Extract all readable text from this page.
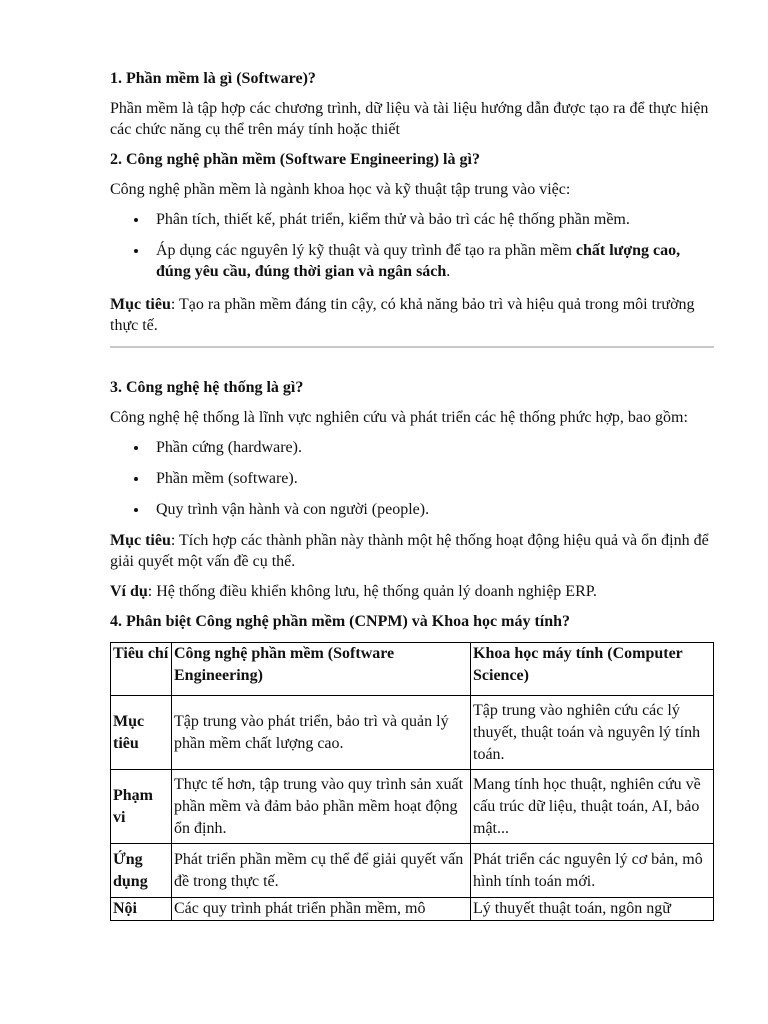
1. Phần mềm là gì (Software)?

Phần mềm là tập hợp các chương trình, dữ liệu và tài liệu hướng dẫn được tạo ra để thực hiện các chức năng cụ thể trên máy tính hoặc thiết

2. Công nghệ phần mềm (Software Engineering) là gì?

Công nghệ phần mềm là ngành khoa học và kỹ thuật tập trung vào việc:

Phân tích, thiết kế, phát triển, kiểm thử và bảo trì các hệ thống phần mềm.
Áp dụng các nguyên lý kỹ thuật và quy trình để tạo ra phần mềm chất lượng cao, đúng yêu cầu, đúng thời gian và ngân sách.

Mục tiêu: Tạo ra phần mềm đáng tin cậy, có khả năng bảo trì và hiệu quả trong môi trường thực tế.

3. Công nghệ hệ thống là gì?

Công nghệ hệ thống là lĩnh vực nghiên cứu và phát triển các hệ thống phức hợp, bao gồm:

Phần cứng (hardware).
Phần mềm (software).
Quy trình vận hành và con người (people).

Mục tiêu: Tích hợp các thành phần này thành một hệ thống hoạt động hiệu quả và ổn định để giải quyết một vấn đề cụ thể.

Ví dụ: Hệ thống điều khiển không lưu, hệ thống quản lý doanh nghiệp ERP.

4. Phân biệt Công nghệ phần mềm (CNPM) và Khoa học máy tính?
Tiêu chí	Công nghệ phần mềm (Software Engineering)	Khoa học máy tính (Computer Science)
Mục tiêu	Tập trung vào phát triển, bảo trì và quản lý phần mềm chất lượng cao.	Tập trung vào nghiên cứu các lý thuyết, thuật toán và nguyên lý tính toán.
Phạm vi	Thực tế hơn, tập trung vào quy trình sản xuất phần mềm và đảm bảo phần mềm hoạt động ổn định.	Mang tính học thuật, nghiên cứu về cấu trúc dữ liệu, thuật toán, AI, bảo mật...
Ứng dụng	Phát triển phần mềm cụ thể để giải quyết vấn đề trong thực tế.	Phát triển các nguyên lý cơ bản, mô hình tính toán mới.
Nội	Các quy trình phát triển phần mềm, mô	Lý thuyết thuật toán, ngôn ngữ
